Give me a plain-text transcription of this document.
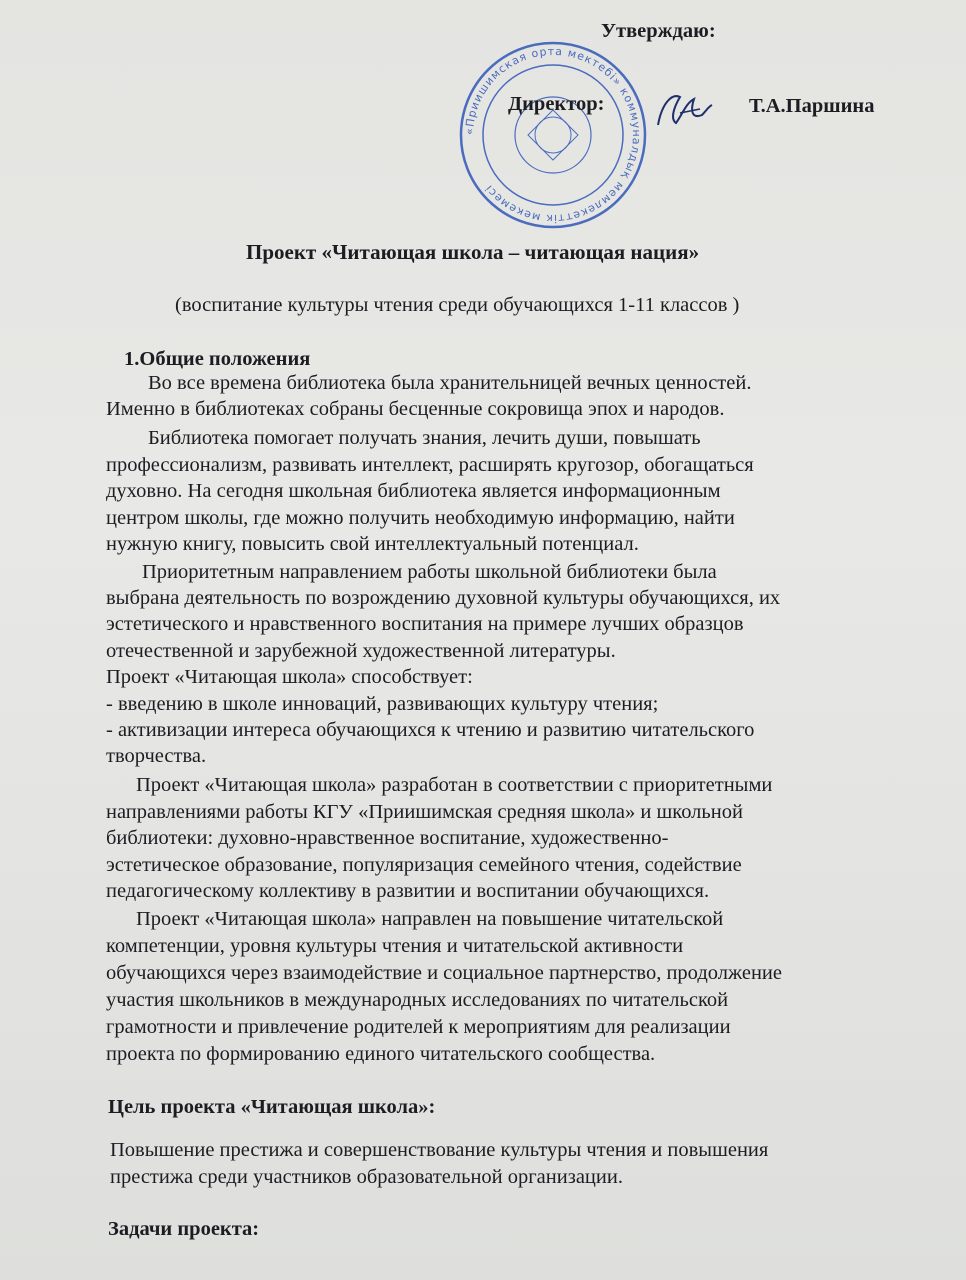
Утверждаю:

«Приишимская орта мектебі» коммуналдық мемлекеттік мекемесі

Директор:	Т.А.Паршина

Проект «Читающая школа – читающая нация»

(воспитание культуры чтения среди обучающихся 1-11 классов )

1.Общие положения

Во все времена библиотека была хранительницей вечных ценностей.

Именно в библиотеках собраны бесценные сокровища эпох и народов.

Библиотека помогает получать знания, лечить души, повышать

профессионализм, развивать интеллект, расширять кругозор, обогащаться

духовно. На сегодня школьная библиотека является информационным

центром школы, где можно получить необходимую информацию, найти

нужную книгу, повысить свой интеллектуальный потенциал.

Приоритетным направлением работы школьной библиотеки была

выбрана деятельность по возрождению духовной культуры обучающихся, их

эстетического и нравственного воспитания на примере лучших образцов

отечественной и зарубежной художественной литературы.

Проект «Читающая школа» способствует:

- введению в школе инноваций, развивающих культуру чтения;

- активизации интереса обучающихся к чтению и развитию читательского

творчества.

Проект «Читающая школа» разработан в соответствии с приоритетными

направлениями работы КГУ «Приишимская средняя школа» и школьной

библиотеки: духовно-нравственное воспитание, художественно-

эстетическое образование, популяризация семейного чтения, содействие

педагогическому коллективу в развитии и воспитании обучающихся.

Проект «Читающая школа» направлен на повышение читательской

компетенции, уровня культуры чтения и читательской активности

обучающихся через взаимодействие и социальное партнерство, продолжение

участия школьников в международных исследованиях по читательской

грамотности и привлечение родителей к мероприятиям для реализации

проекта по формированию единого читательского сообщества.

Цель проекта «Читающая школа»:

Повышение престижа и совершенствование культуры чтения и повышения

престижа среди участников образовательной организации.

Задачи проекта:
